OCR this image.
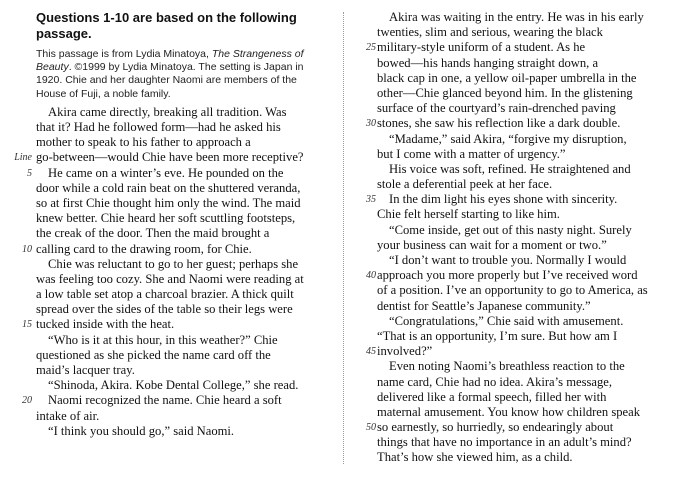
Questions 1-10 are based on the following passage.
This passage is from Lydia Minatoya, The Strangeness of Beauty. ©1999 by Lydia Minatoya. The setting is Japan in 1920. Chie and her daughter Naomi are members of the House of Fuji, a noble family.
Akira came directly, breaking all tradition. Was
that it? Had he followed form—had he asked his
mother to speak to his father to approach a
Line go-between—would Chie have been more receptive?
5 He came on a winter’s eve. He pounded on the
door while a cold rain beat on the shuttered veranda,
so at first Chie thought him only the wind. The maid
knew better. Chie heard her soft scuttling footsteps,
the creak of the door. Then the maid brought a
10 calling card to the drawing room, for Chie.
Chie was reluctant to go to her guest; perhaps she
was feeling too cozy. She and Naomi were reading at
a low table set atop a charcoal brazier. A thick quilt
spread over the sides of the table so their legs were
15 tucked inside with the heat.
“Who is it at this hour, in this weather?” Chie
questioned as she picked the name card off the
maid’s lacquer tray.
“Shinoda, Akira. Kobe Dental College,” she read.
20 Naomi recognized the name. Chie heard a soft
intake of air.
“I think you should go,” said Naomi.
Akira was waiting in the entry. He was in his early
twenties, slim and serious, wearing the black
25 military-style uniform of a student. As he
bowed—his hands hanging straight down, a
black cap in one, a yellow oil-paper umbrella in the
other—Chie glanced beyond him. In the glistening
surface of the courtyard’s rain-drenched paving
30 stones, she saw his reflection like a dark double.
“Madame,” said Akira, “forgive my disruption,
but I come with a matter of urgency.”
His voice was soft, refined. He straightened and
stole a deferential peek at her face.
35 In the dim light his eyes shone with sincerity.
Chie felt herself starting to like him.
“Come inside, get out of this nasty night. Surely
your business can wait for a moment or two.”
“I don’t want to trouble you. Normally I would
40 approach you more properly but I’ve received word
of a position. I’ve an opportunity to go to America, as
dentist for Seattle’s Japanese community.”
“Congratulations,” Chie said with amusement.
“That is an opportunity, I’m sure. But how am I
45 involved?”
Even noting Naomi’s breathless reaction to the
name card, Chie had no idea. Akira’s message,
delivered like a formal speech, filled her with
maternal amusement. You know how children speak
50 so earnestly, so hurriedly, so endearingly about
things that have no importance in an adult’s mind?
That’s how she viewed him, as a child.
